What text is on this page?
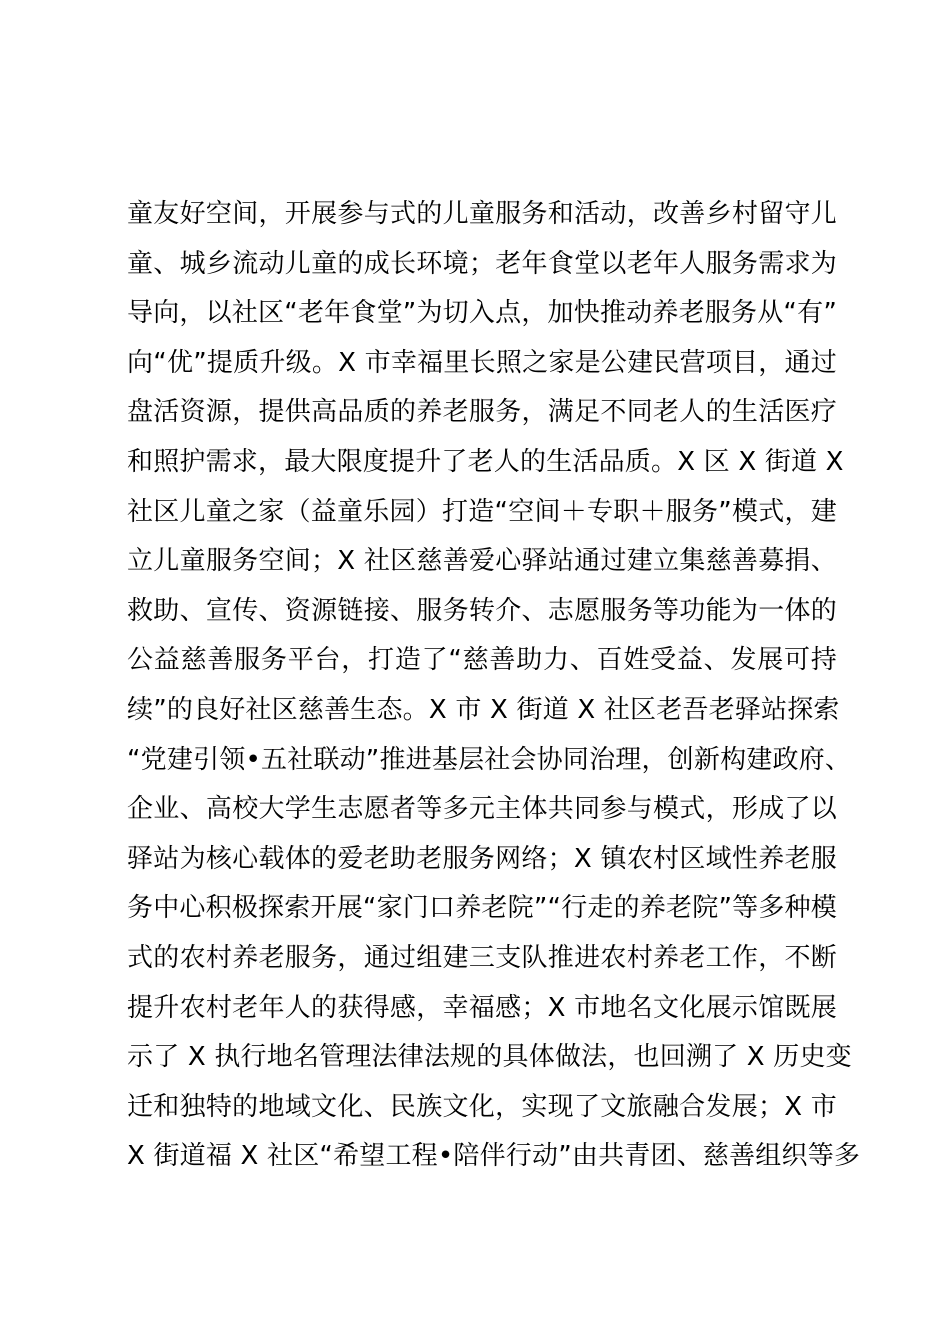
童友好空间，开展参与式的儿童服务和活动，改善乡村留守儿
童、城乡流动儿童的成长环境；老年食堂以老年人服务需求为
导向，以社区“老年食堂”为切入点，加快推动养老服务从“有”
向“优”提质升级。X 市幸福里长照之家是公建民营项目，通过
盘活资源，提供高品质的养老服务，满足不同老人的生活医疗
和照护需求，最大限度提升了老人的生活品质。X 区 X 街道 X
社区儿童之家（益童乐园）打造“空间＋专职＋服务”模式，建
立儿童服务空间；X 社区慈善爱心驿站通过建立集慈善募捐、
救助、宣传、资源链接、服务转介、志愿服务等功能为一体的
公益慈善服务平台，打造了“慈善助力、百姓受益、发展可持
续”的良好社区慈善生态。X 市 X 街道 X 社区老吾老驿站探索
“党建引领•五社联动”推进基层社会协同治理，创新构建政府、
企业、高校大学生志愿者等多元主体共同参与模式，形成了以
驿站为核心载体的爱老助老服务网络；X 镇农村区域性养老服
务中心积极探索开展“家门口养老院”“行走的养老院”等多种模
式的农村养老服务，通过组建三支队推进农村养老工作，不断
提升农村老年人的获得感，幸福感；X 市地名文化展示馆既展
示了 X 执行地名管理法律法规的具体做法，也回溯了 X 历史变
迁和独特的地域文化、民族文化，实现了文旅融合发展；X 市
X 街道福 X 社区“希望工程•陪伴行动”由共青团、慈善组织等多
